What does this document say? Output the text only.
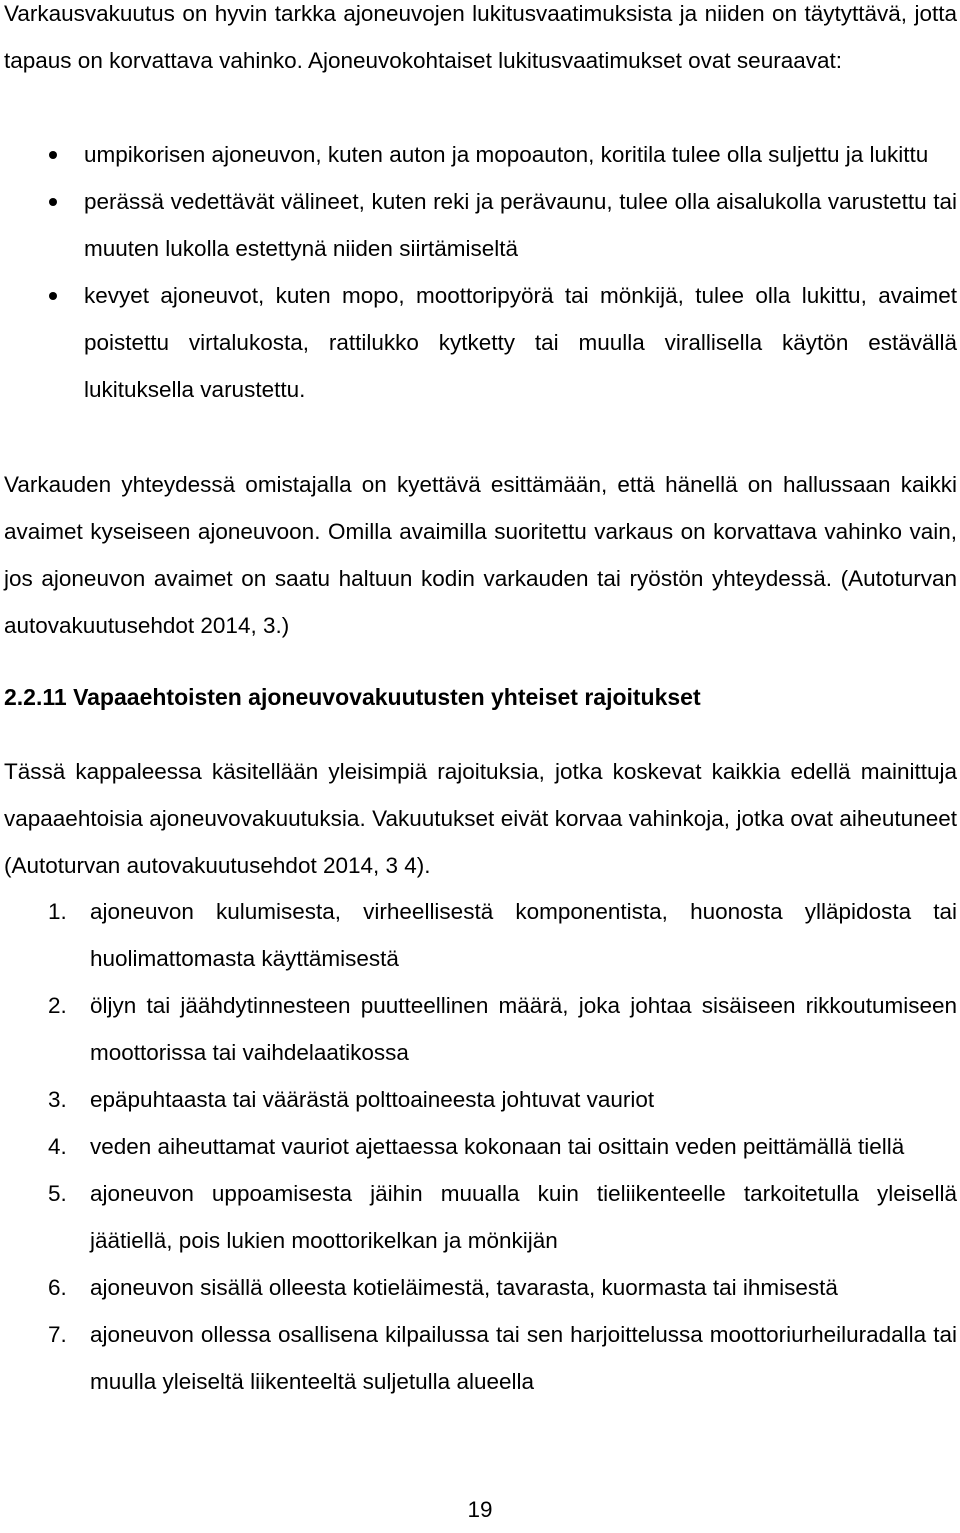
Varkausvakuutus on hyvin tarkka ajoneuvojen lukitusvaatimuksista ja niiden on täytyttävä, jotta tapaus on korvattava vahinko. Ajoneuvokohtaiset lukitusvaatimukset ovat seuraavat:

umpikorisen ajoneuvon, kuten auton ja mopoauton, koritila tulee olla suljettu ja lukittu
perässä vedettävät välineet, kuten reki ja perävaunu, tulee olla aisalukolla varustettu tai muuten lukolla estettynä niiden siirtämiseltä
kevyet ajoneuvot, kuten mopo, moottoripyörä tai mönkijä, tulee olla lukittu, avaimet poistettu virtalukosta, rattilukko kytketty tai muulla virallisella käytön estävällä lukituksella varustettu.

Varkauden yhteydessä omistajalla on kyettävä esittämään, että hänellä on hallussaan kaikki avaimet kyseiseen ajoneuvoon. Omilla avaimilla suoritettu varkaus on korvattava vahinko vain, jos ajoneuvon avaimet on saatu haltuun kodin varkauden tai ryöstön yhteydessä. (Autoturvan autovakuutusehdot 2014, 3.)

2.2.11 Vapaaehtoisten ajoneuvovakuutusten yhteiset rajoitukset

Tässä kappaleessa käsitellään yleisimpiä rajoituksia, jotka koskevat kaikkia edellä mainittuja vapaaehtoisia ajoneuvovakuutuksia. Vakuutukset eivät korvaa vahinkoja, jotka ovat aiheutuneet (Autoturvan autovakuutusehdot 2014, 3 4).

1. ajoneuvon kulumisesta, virheellisestä komponentista, huonosta ylläpidosta tai huolimattomasta käyttämisestä
2. öljyn tai jäähdytinnesteen puutteellinen määrä, joka johtaa sisäiseen rikkoutumiseen moottorissa tai vaihdelaatikossa
3. epäpuhtaasta tai väärästä polttoaineesta johtuvat vauriot
4. veden aiheuttamat vauriot ajettaessa kokonaan tai osittain veden peittämällä tiellä
5. ajoneuvon uppoamisesta jäihin muualla kuin tieliikenteelle tarkoitetulla yleisellä jäätiellä, pois lukien moottorikelkan ja mönkijän
6. ajoneuvon sisällä olleesta kotieläimestä, tavarasta, kuormasta tai ihmisestä
7. ajoneuvon ollessa osallisena kilpailussa tai sen harjoittelussa moottoriurheiluradalla tai muulla yleiseltä liikenteeltä suljetulla alueella
19
